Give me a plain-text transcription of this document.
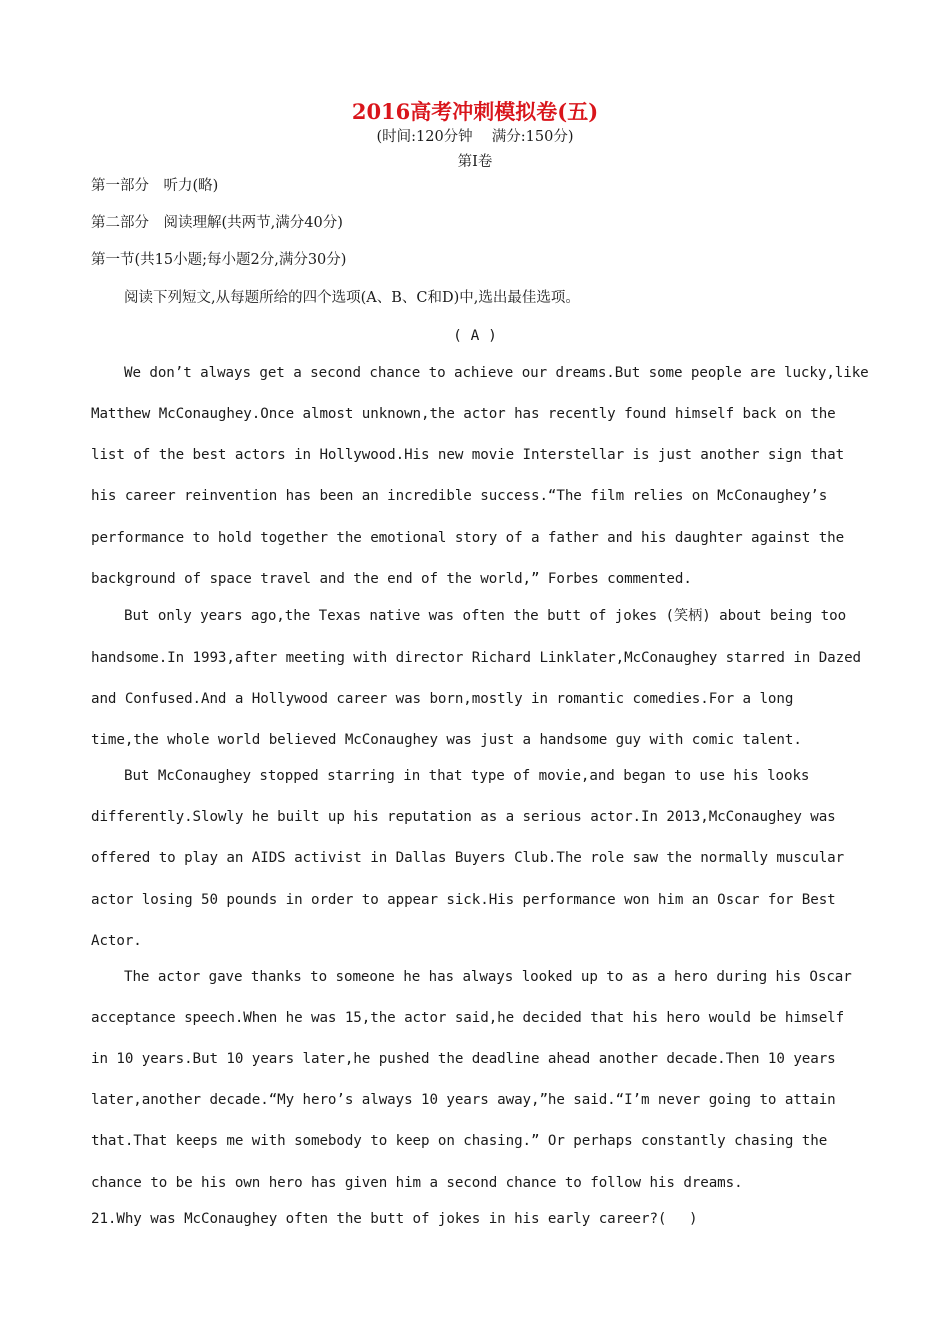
2016高考冲刺模拟卷(五)
(时间:120分钟　 满分:150分)
第Ⅰ卷
第一部分　听力(略)
第二部分　阅读理解(共两节,满分40分)
第一节(共15小题;每小题2分,满分30分)
阅读下列短文,从每题所给的四个选项(A、B、C和D)中,选出最佳选项。
( A )
We don’t always get a second chance to achieve our dreams.But some people are lucky,like
Matthew McConaughey.Once almost unknown,the actor has recently found himself back on the
list of the best actors in Hollywood.His new movie Interstellar is just another sign that
his career reinvention has been an incredible success.“The film relies on McConaughey’s
performance to hold together the emotional story of a father and his daughter against the
background of space travel and the end of the world,” Forbes commented.
But only years ago,the Texas native was often the butt of jokes (笑柄) about being too
handsome.In 1993,after meeting with director Richard Linklater,McConaughey starred in Dazed
and Confused.And a Hollywood career was born,mostly in romantic comedies.For a long
time,the whole world believed McConaughey was just a handsome guy with comic talent.
But McConaughey stopped starring in that type of movie,and began to use his looks
differently.Slowly he built up his reputation as a serious actor.In 2013,McConaughey was
offered to play an AIDS activist in Dallas Buyers Club.The role saw the normally muscular
actor losing 50 pounds in order to appear sick.His performance won him an Oscar for Best
Actor.
The actor gave thanks to someone he has always looked up to as a hero during his Oscar
acceptance speech.When he was 15,the actor said,he decided that his hero would be himself
in 10 years.But 10 years later,he pushed the deadline ahead another decade.Then 10 years
later,another decade.“My hero’s always 10 years away,”he said.“I’m never going to attain
that.That keeps me with somebody to keep on chasing.” Or perhaps constantly chasing the
chance to be his own hero has given him a second chance to follow his dreams.
21.Why was McConaughey often the butt of jokes in his early career?(　 )
